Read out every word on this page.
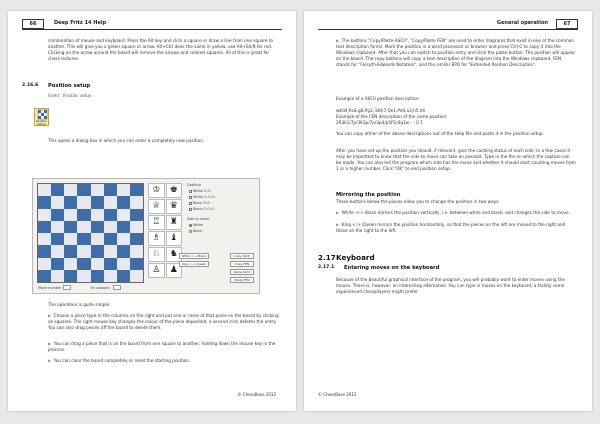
66	Deep Fritz 14 Help
combination of mouse and keyboard. Press the Alt key and click a square or draw a line from one square to another. This will give you a green square or arrow. Alt+Ctrl does the same in yellow, use Alt+Shift for red. Clicking on the arrow around the board will remove the arrows and colored squares. All of this is great for chess lectures.
2.16.6 Position setup
Insert Position setup
Position Setup
This opens a dialog box in which you can enter a completely new position.
♔	♚
♕	♛
♖	♜
♗	♝
♘	♞
♙	♟
Castling
White O-O
White O-O-O
Black O-O
Black O-O-O
Side to move
White
Black
White <-> Black
King <-> Queen
Copy ASCII
Copy FEN
Paste ASCII
Paste FEN
Move number	En passant
The operation is quite simple:
▶ Choose a piece type in the columns on the right and put one or more of that piece on the board by clicking on squares. The right mouse key changes the colour of the piece deposited, a second click deletes the entry. You can also drag pieces off the board to delete them.
▶ You can drag a piece that is on the board from one square to another, holding down the mouse key in the process.
▶ You can clear the board completely or reset the starting position.
© ChessBase 2012
General operation	67
▶ The buttons "Copy/Paste ASCII", "Copy/Paste FEN" are used to enter diagrams that exist in one of the common text description forms. Mark the position in a word processor or browser and press Ctrl-C to copy it into the Windows clipboard. After that you can switch to position entry and click the paste button. The position will appear on the board. The copy buttons will copy a text description of the diagram into the Windows clipboard. FEN stands for "Forsyth-Edwards Notation", and the similar EPD for "Extended Position Description".
Example of a ASCII position description:
wKd4,Rc8,gB,Pg2, bKh7,Qe1,Pd4,a3,h5,h6
Example of the FEN description of the same position:
2R3k1/7p/3K3p/7p/3p4/p5P1/4q1w - - 0 1
You can copy either of the above descriptions out of the Help file and paste it in the position setup.
After you have set up the position you should, if relevant, give the castling status of each side. In a few cases it may be important to know that the side to move can take en passant. Type in the file on which the capture can be made. You can also tell the program which side has the move and whether it should start counting moves from 1 or a higher number. Click "OK" to end position setup.
Mirroring the position
These buttons below the pieces allow you to change the position in two ways:
▶ White <-> Black mirrors the position vertically, i.e. between white and black, and changes the side to move.
▶ King <-> Queen mirrors the position horizontally, so that the pieces on the left are moved to the right and those on the right to the left.
2.17 Keyboard
2.17.1 Entering moves on the keyboard
Because of the beautiful graphical interface of the program, you will probably want to enter moves using the mouse. There is, however, an interesting alternative. You can type in moves on the keyboard, a facility some experienced chessplayers might prefer.
© ChessBase 2012
